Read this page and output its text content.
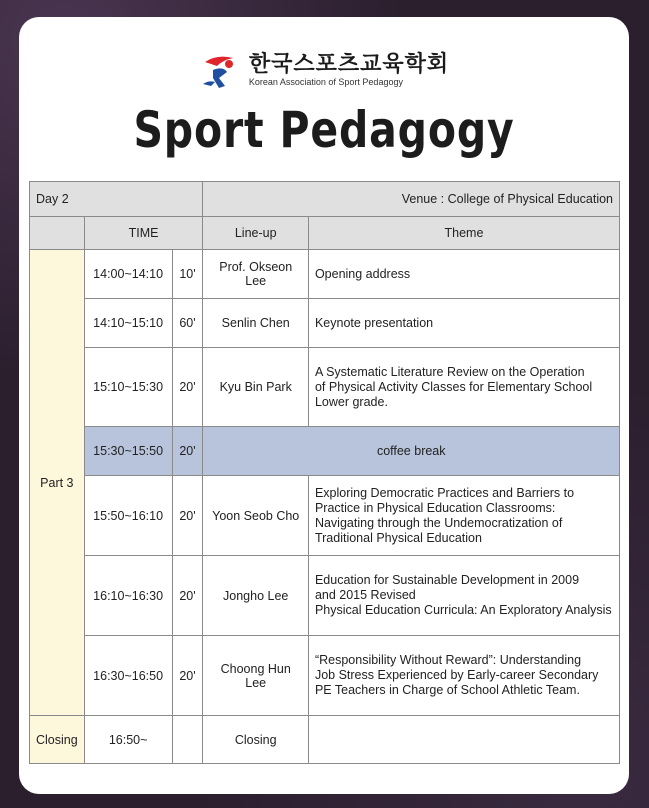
한국스포츠교육학회
Korean Association of Sport Pedagogy
Sport Pedagogy
Day 2			Venue : College of Physical Education	
	TIME		Line-up	Theme
Part 3	14:00~14:10	10'	Prof. Okseon Lee	Opening address
	14:10~15:10	60'	Senlin Chen	Keynote presentation
	15:10~15:30	20'	Kyu Bin Park	A Systematic Literature Review on the Operation
of Physical Activity Classes for Elementary School
Lower grade.

	15:30~15:50	20'	coffee break	
	15:50~16:10	20'	Yoon Seob Cho	Exploring Democratic Practices and Barriers to
Practice in Physical Education Classrooms:
Navigating through the Undemocratization of
Traditional Physical Education

	16:10~16:30	20'	Jongho Lee	Education for Sustainable Development in 2009
and 2015 Revised
Physical Education Curricula: An Exploratory Analysis

	16:30~16:50	20'	Choong Hun Lee	“Responsibility Without Reward”: Understanding
Job Stress Experienced by Early-career Secondary
PE Teachers in Charge of School Athletic Team.

Closing	16:50~		Closing	
